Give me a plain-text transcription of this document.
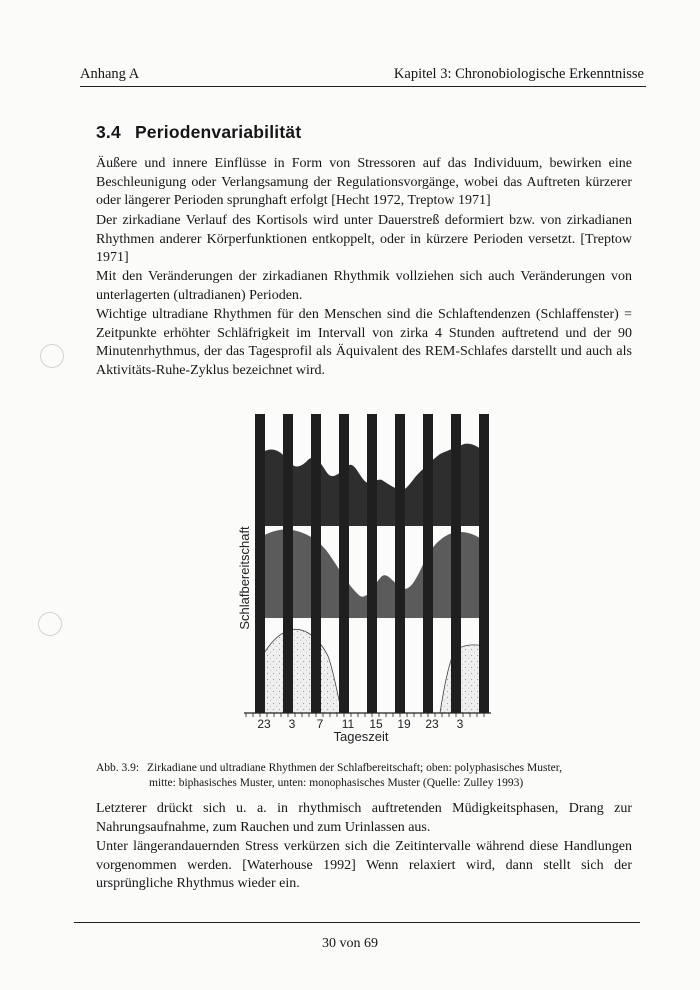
Anhang A	Kapitel 3: Chronobiologische Erkenntnisse
3.4 Periodenvariabilität

Äußere und innere Einflüsse in Form von Stressoren auf das Individuum, bewirken eine Beschleunigung oder Verlangsamung der Regulationsvorgänge, wobei das Auftreten kürzerer oder längerer Perioden sprunghaft erfolgt [Hecht 1972, Treptow 1971]

Der zirkadiane Verlauf des Kortisols wird unter Dauerstreß deformiert bzw. von zirkadianen Rhythmen anderer Körperfunktionen entkoppelt, oder in kürzere Perioden versetzt. [Treptow 1971]

Mit den Veränderungen der zirkadianen Rhythmik vollziehen sich auch Veränderungen von unterlagerten (ultradianen) Perioden.

Wichtige ultradiane Rhythmen für den Menschen sind die Schlaftendenzen (Schlaffenster) = Zeitpunkte erhöhter Schläfrigkeit im Intervall von zirka 4 Stunden auftretend und der 90 Minutenrhythmus, der das Tagesprofil als Äquivalent des REM-Schlafes darstellt und auch als Aktivitäts-Ruhe-Zyklus bezeichnet wird.

23 3 7 11 15 19 23 3
Schlafbereitschaft
Tageszeit
Abb. 3.9: Zirkadiane und ultradiane Rhythmen der Schlafbereitschaft; oben: polyphasisches Muster,
mitte: biphasisches Muster, unten: monophasisches Muster (Quelle: Zulley 1993)

Letzterer drückt sich u. a. in rhythmisch auftretenden Müdigkeitsphasen, Drang zur Nahrungsaufnahme, zum Rauchen und zum Urinlassen aus.

Unter längerandauernden Stress verkürzen sich die Zeitintervalle während diese Handlungen vorgenommen werden. [Waterhouse 1992] Wenn relaxiert wird, dann stellt sich der ursprüngliche Rhythmus wieder ein.

30 von 69
